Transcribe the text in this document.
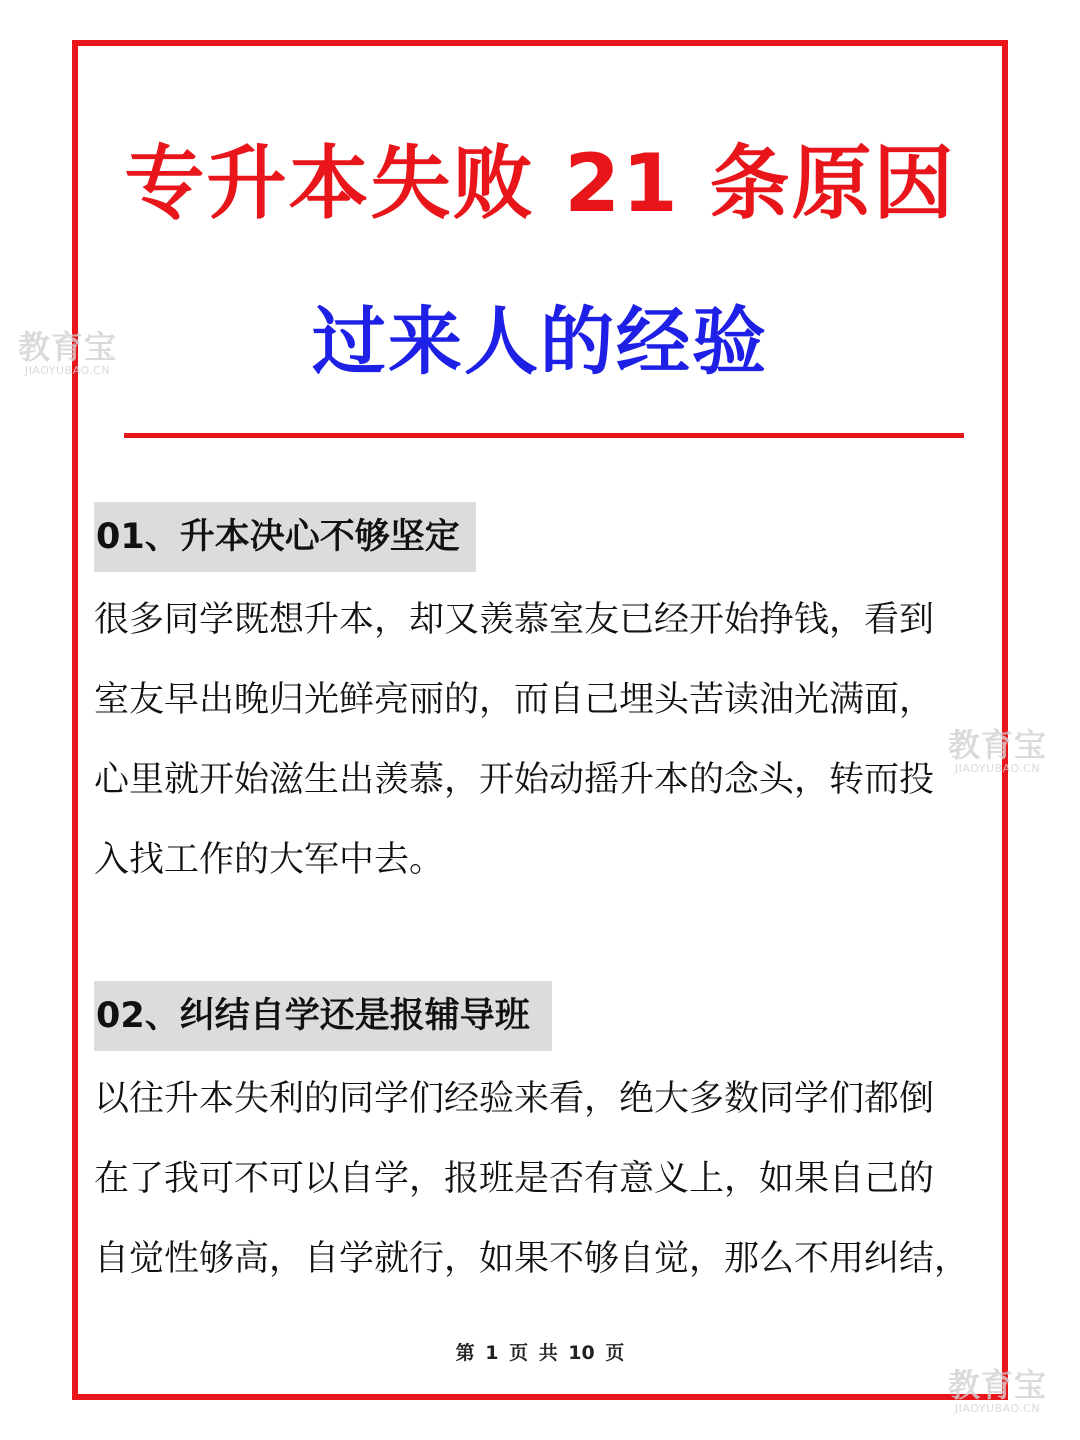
专升本失败 21 条原因
过来人的经验
01、升本决心不够坚定
很多同学既想升本，却又羡慕室友已经开始挣钱，看到
室友早出晚归光鲜亮丽的，而自己埋头苦读油光满面，
心里就开始滋生出羡慕，开始动摇升本的念头，转而投
入找工作的大军中去。
02、纠结自学还是报辅导班
以往升本失利的同学们经验来看，绝大多数同学们都倒
在了我可不可以自学，报班是否有意义上，如果自己的
自觉性够高，自学就行，如果不够自觉，那么不用纠结，
第 1 页 共 10 页
教育宝
JIAOYUBAO.CN
教育宝
JIAOYUBAO.CN
教育宝
JIAOYUBAO.CN
